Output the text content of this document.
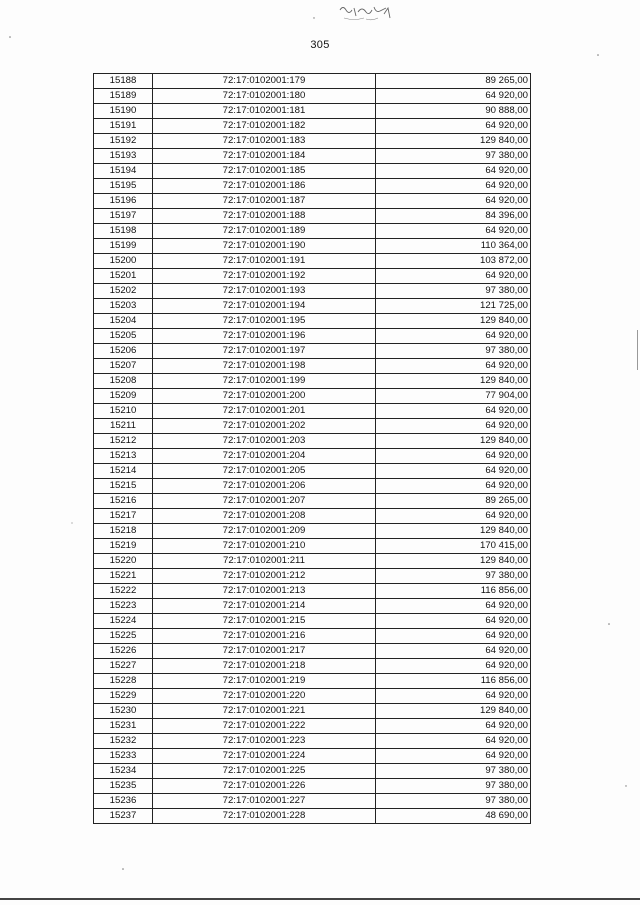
305
15188	72:17:0102001:179	89 265,00
15189	72:17:0102001:180	64 920,00
15190	72:17:0102001:181	90 888,00
15191	72:17:0102001:182	64 920,00
15192	72:17:0102001:183	129 840,00
15193	72:17:0102001:184	97 380,00
15194	72:17:0102001:185	64 920,00
15195	72:17:0102001:186	64 920,00
15196	72:17:0102001:187	64 920,00
15197	72:17:0102001:188	84 396,00
15198	72:17:0102001:189	64 920,00
15199	72:17:0102001:190	110 364,00
15200	72:17:0102001:191	103 872,00
15201	72:17:0102001:192	64 920,00
15202	72:17:0102001:193	97 380,00
15203	72:17:0102001:194	121 725,00
15204	72:17:0102001:195	129 840,00
15205	72:17:0102001:196	64 920,00
15206	72:17:0102001:197	97 380,00
15207	72:17:0102001:198	64 920,00
15208	72:17:0102001:199	129 840,00
15209	72:17:0102001:200	77 904,00
15210	72:17:0102001:201	64 920,00
15211	72:17:0102001:202	64 920,00
15212	72:17:0102001:203	129 840,00
15213	72:17:0102001:204	64 920,00
15214	72:17:0102001:205	64 920,00
15215	72:17:0102001:206	64 920,00
15216	72:17:0102001:207	89 265,00
15217	72:17:0102001:208	64 920,00
15218	72:17:0102001:209	129 840,00
15219	72:17:0102001:210	170 415,00
15220	72:17:0102001:211	129 840,00
15221	72:17:0102001:212	97 380,00
15222	72:17:0102001:213	116 856,00
15223	72:17:0102001:214	64 920,00
15224	72:17:0102001:215	64 920,00
15225	72:17:0102001:216	64 920,00
15226	72:17:0102001:217	64 920,00
15227	72:17:0102001:218	64 920,00
15228	72:17:0102001:219	116 856,00
15229	72:17:0102001:220	64 920,00
15230	72:17:0102001:221	129 840,00
15231	72:17:0102001:222	64 920,00
15232	72:17:0102001:223	64 920,00
15233	72:17:0102001:224	64 920,00
15234	72:17:0102001:225	97 380,00
15235	72:17:0102001:226	97 380,00
15236	72:17:0102001:227	97 380,00
15237	72:17:0102001:228	48 690,00
